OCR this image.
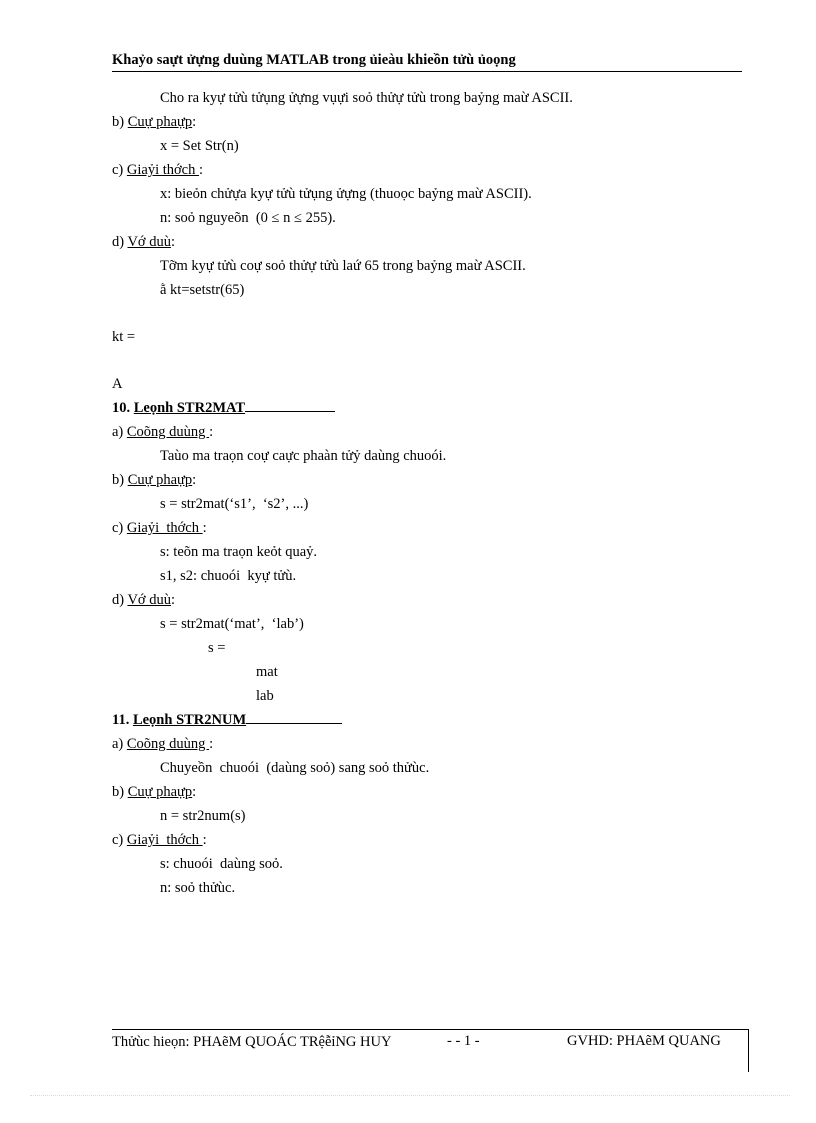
Khaỷo saựt ửựng duùng MATLAB trong ủieàu khieồn tửù ủoọng
Cho ra kyự tửù tửụng ửựng vụựi soỏ thửự tửù trong baỷng maừ ASCII.
b) Cuự phaựp:
x = Set Str(n)
c) Giaỷi thớch :
x: bieỏn chửựa kyự tửù tửụng ửựng (thuoọc baỷng maừ ASCII).
n: soỏ nguyeõn  (0 ≤ n ≤ 255).
d) Vớ duù:
Tỡm kyự tửù coự soỏ thửự tửù laứ 65 trong baỷng maừ ASCII.
ằ kt=setstr(65)
kt =
A
10. Leọnh STR2MAT
a) Coõng duùng :
Taùo ma traọn coự caực phaàn tửỷ daùng chuoói.
b) Cuự phaựp:
s = str2mat(‘s1’,  ‘s2’, ...)
c) Giaỷi  thớch :
s: teõn ma traọn keỏt quaỷ.
s1, s2: chuoói  kyự tửù.
d) Vớ duù:
s = str2mat(‘mat’,  ‘lab’)
s =
mat
lab
11. Leọnh STR2NUM
a) Coõng duùng :
Chuyeồn  chuoói  (daùng soỏ) sang soỏ thửùc.
b) Cuự phaựp:
n = str2num(s)
c) Giaỷi  thớch :
s: chuoói  daùng soỏ.
n: soỏ thửùc.
Thửùc hieọn: PHAẽM QUOÁC TRệễỉNG HUY	- - 1 -	GVHD: PHAẽM QUANG
